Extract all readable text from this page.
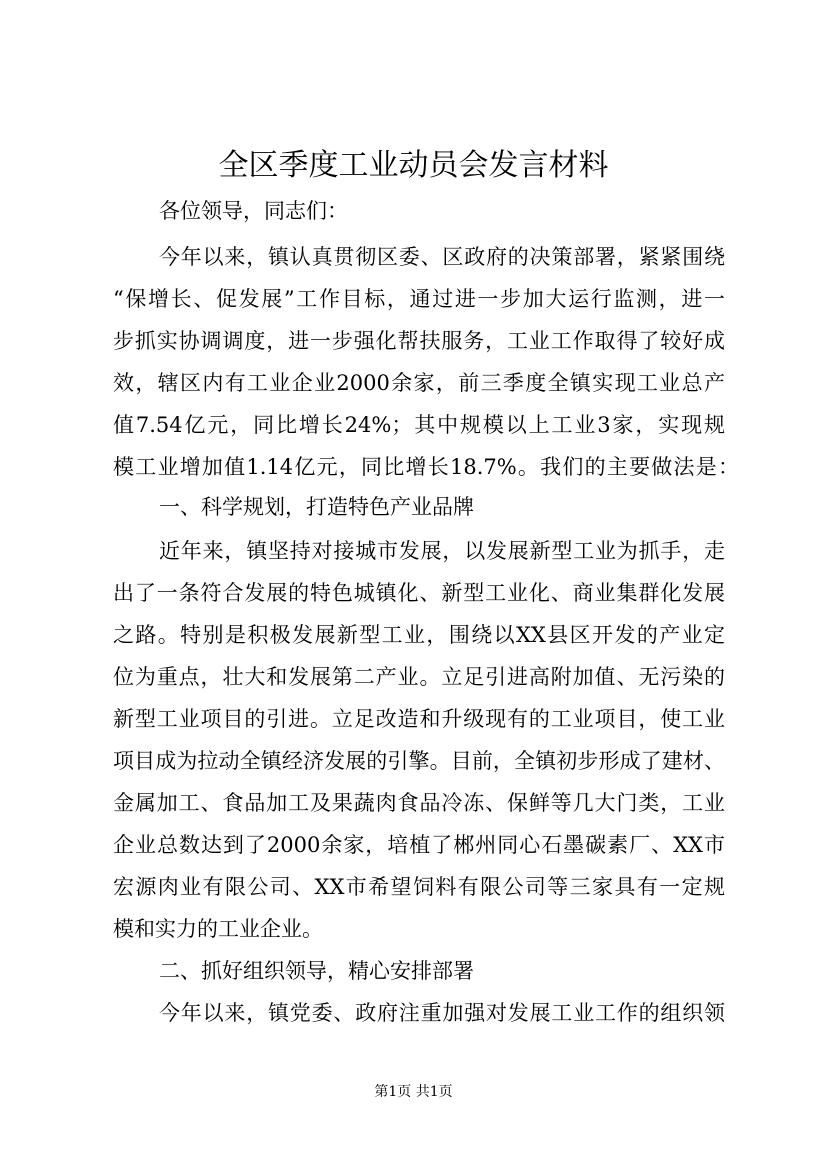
全区季度工业动员会发言材料
各位领导，同志们：
今年以来，镇认真贯彻区委、区政府的决策部署，紧紧围绕
“保增长、促发展”工作目标，通过进一步加大运行监测，进一
步抓实协调调度，进一步强化帮扶服务，工业工作取得了较好成
效，辖区内有工业企业2000余家，前三季度全镇实现工业总产
值7.54亿元，同比增长24%；其中规模以上工业3家，实现规
模工业增加值1.14亿元，同比增长18.7%。我们的主要做法是：
一、科学规划，打造特色产业品牌
近年来，镇坚持对接城市发展，以发展新型工业为抓手，走
出了一条符合发展的特色城镇化、新型工业化、商业集群化发展
之路。特别是积极发展新型工业，围绕以XX县区开发的产业定
位为重点，壮大和发展第二产业。立足引进高附加值、无污染的
新型工业项目的引进。立足改造和升级现有的工业项目，使工业
项目成为拉动全镇经济发展的引擎。目前，全镇初步形成了建材、
金属加工、食品加工及果蔬肉食品冷冻、保鲜等几大门类，工业
企业总数达到了2000余家，培植了郴州同心石墨碳素厂、XX市
宏源肉业有限公司、XX市希望饲料有限公司等三家具有一定规
模和实力的工业企业。
二、抓好组织领导，精心安排部署
今年以来，镇党委、政府注重加强对发展工业工作的组织领
第1页 共1页
